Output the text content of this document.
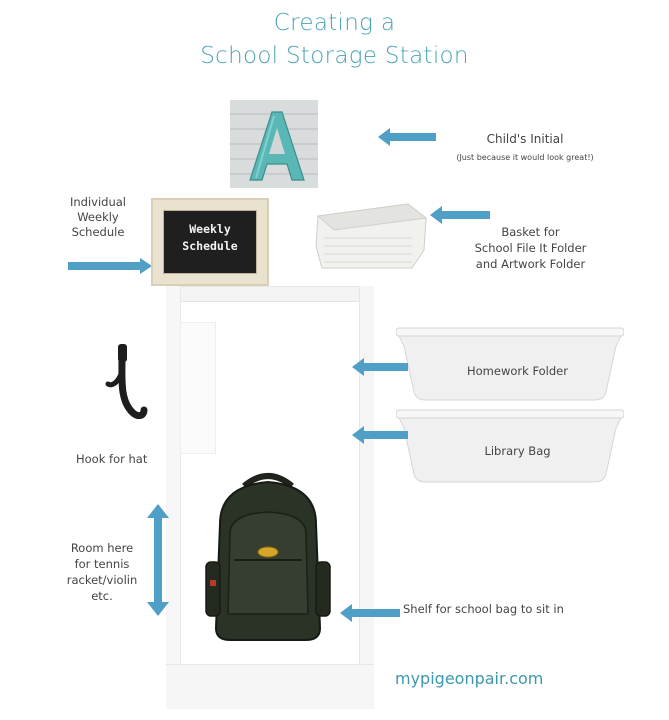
Creating a
School Storage Station
Child's Initial
(Just because it would look great!)
Individual
Weekly
Schedule	Weekly
Schedule
Basket for
School File It Folder
and Artwork Folder
Hook for hat
Homework Folder
Library Bag
Room here
for tennis
racket/violin
etc.
Shelf for school bag to sit in
mypigeonpair.com
